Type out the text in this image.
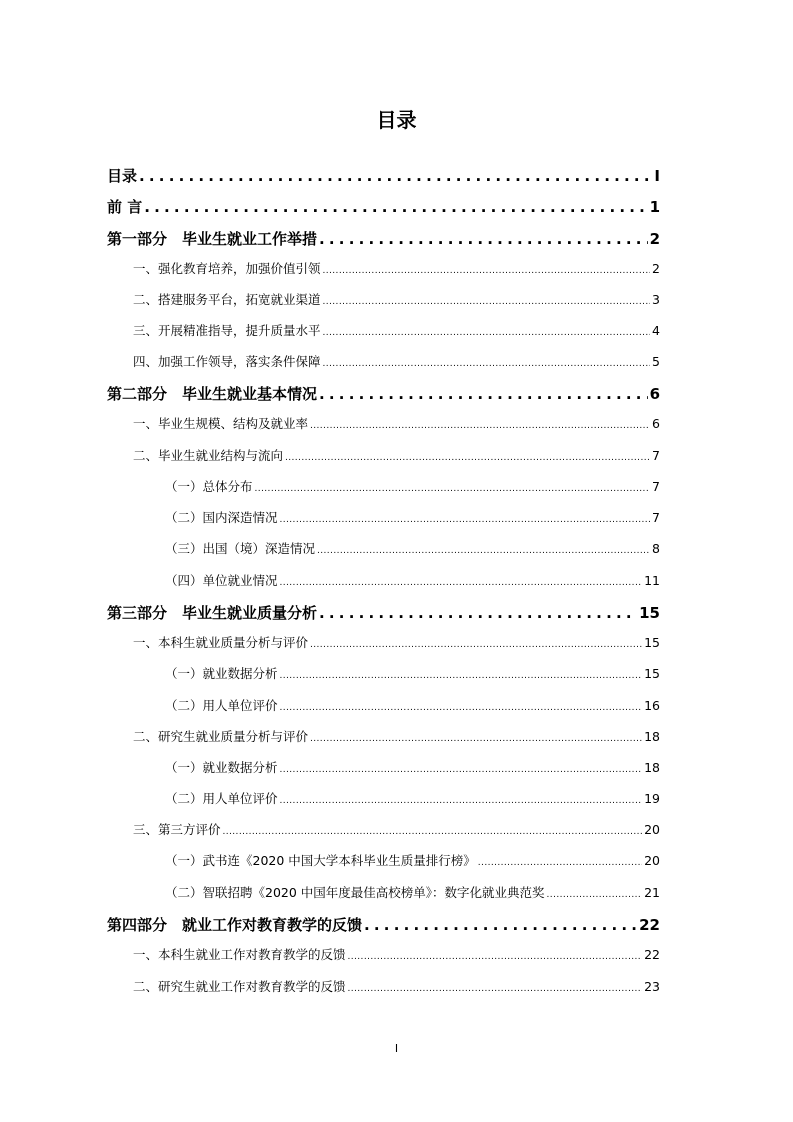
目录
目录 .....	I
前 言 .....	1
第一部分　毕业生就业工作举措 .....	2
一、强化教育培养，加强价值引领 .....	2
二、搭建服务平台，拓宽就业渠道 .....	3
三、开展精准指导，提升质量水平 .....	4
四、加强工作领导，落实条件保障 .....	5
第二部分　毕业生就业基本情况 .....	6
一、毕业生规模、结构及就业率 .....	6
二、毕业生就业结构与流向 .....	7
（一）总体分布 .....	7
（二）国内深造情况 .....	7
（三）出国（境）深造情况 .....	8
（四）单位就业情况 .....	11
第三部分　毕业生就业质量分析 .....	15
一、本科生就业质量分析与评价 .....	15
（一）就业数据分析 .....	15
（二）用人单位评价 .....	16
二、研究生就业质量分析与评价 .....	18
（一）就业数据分析 .....	18
（二）用人单位评价 .....	19
三、第三方评价 .....	20
（一）武书连《2020 中国大学本科毕业生质量排行榜》 .....	20
（二）智联招聘《2020 中国年度最佳高校榜单》：数字化就业典范奖 .....	21
第四部分　就业工作对教育教学的反馈 .....	22
一、本科生就业工作对教育教学的反馈 .....	22
二、研究生就业工作对教育教学的反馈 .....	23
I
